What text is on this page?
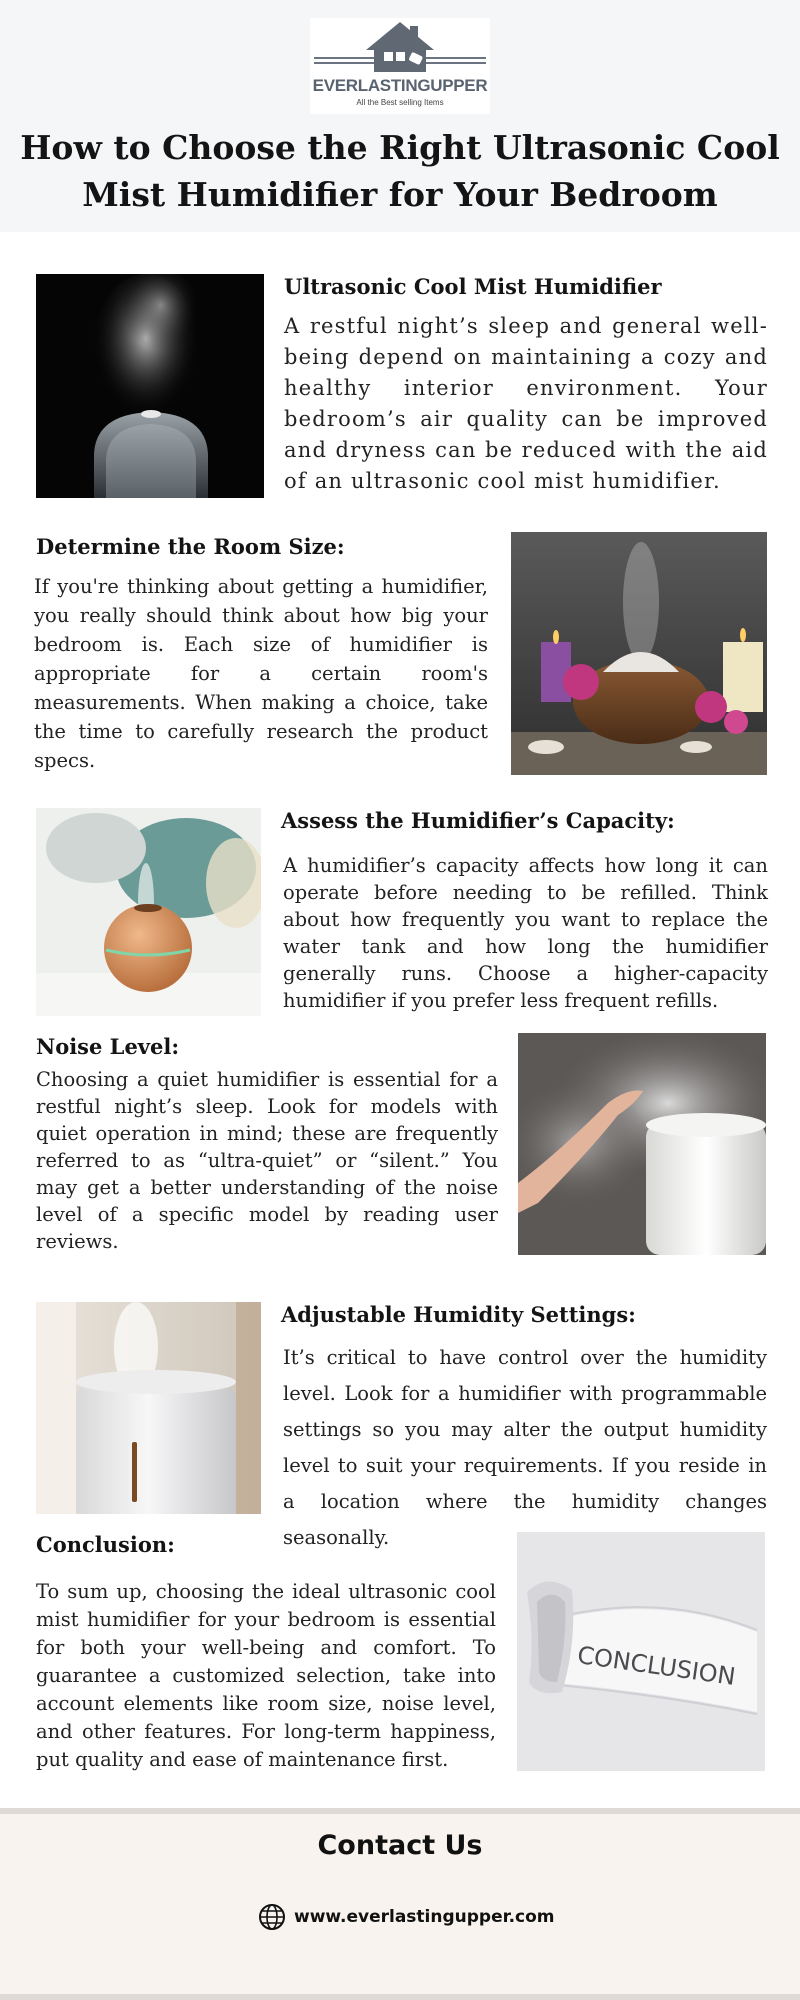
EVERLASTINGUPPER
All the Best selling Items
How to Choose the Right Ultrasonic Cool Mist Humidifier for Your Bedroom
Ultrasonic Cool Mist Humidifier
A restful night’s sleep and general well-being depend on maintaining a cozy and healthy interior environment. Your bedroom’s air quality can be improved and dryness can be reduced with the aid of an ultrasonic cool mist humidifier.
Determine the Room Size:
If you're thinking about getting a humidifier, you really should think about how big your bedroom is. Each size of humidifier is appropriate for a certain room's measurements. When making a choice, take the time to carefully research the product specs.
Assess the Humidifier’s Capacity:
A humidifier’s capacity affects how long it can operate before needing to be refilled. Think about how frequently you want to replace the water tank and how long the humidifier generally runs. Choose a higher-capacity humidifier if you prefer less frequent refills.
Noise Level:
Choosing a quiet humidifier is essential for a restful night’s sleep. Look for models with quiet operation in mind; these are frequently referred to as “ultra-quiet” or “silent.” You may get a better understanding of the noise level of a specific model by reading user reviews.
Adjustable Humidity Settings:
It’s critical to have control over the humidity level. Look for a humidifier with programmable settings so you may alter the output humidity level to suit your requirements. If you reside in a location where the humidity changes seasonally.
Conclusion:
To sum up, choosing the ideal ultrasonic cool mist humidifier for your bedroom is essential for both your well-being and comfort. To guarantee a customized selection, take into account elements like room size, noise level, and other features. For long-term happiness, put quality and ease of maintenance first.
CONCLUSION
Contact Us
www.everlastingupper.com
